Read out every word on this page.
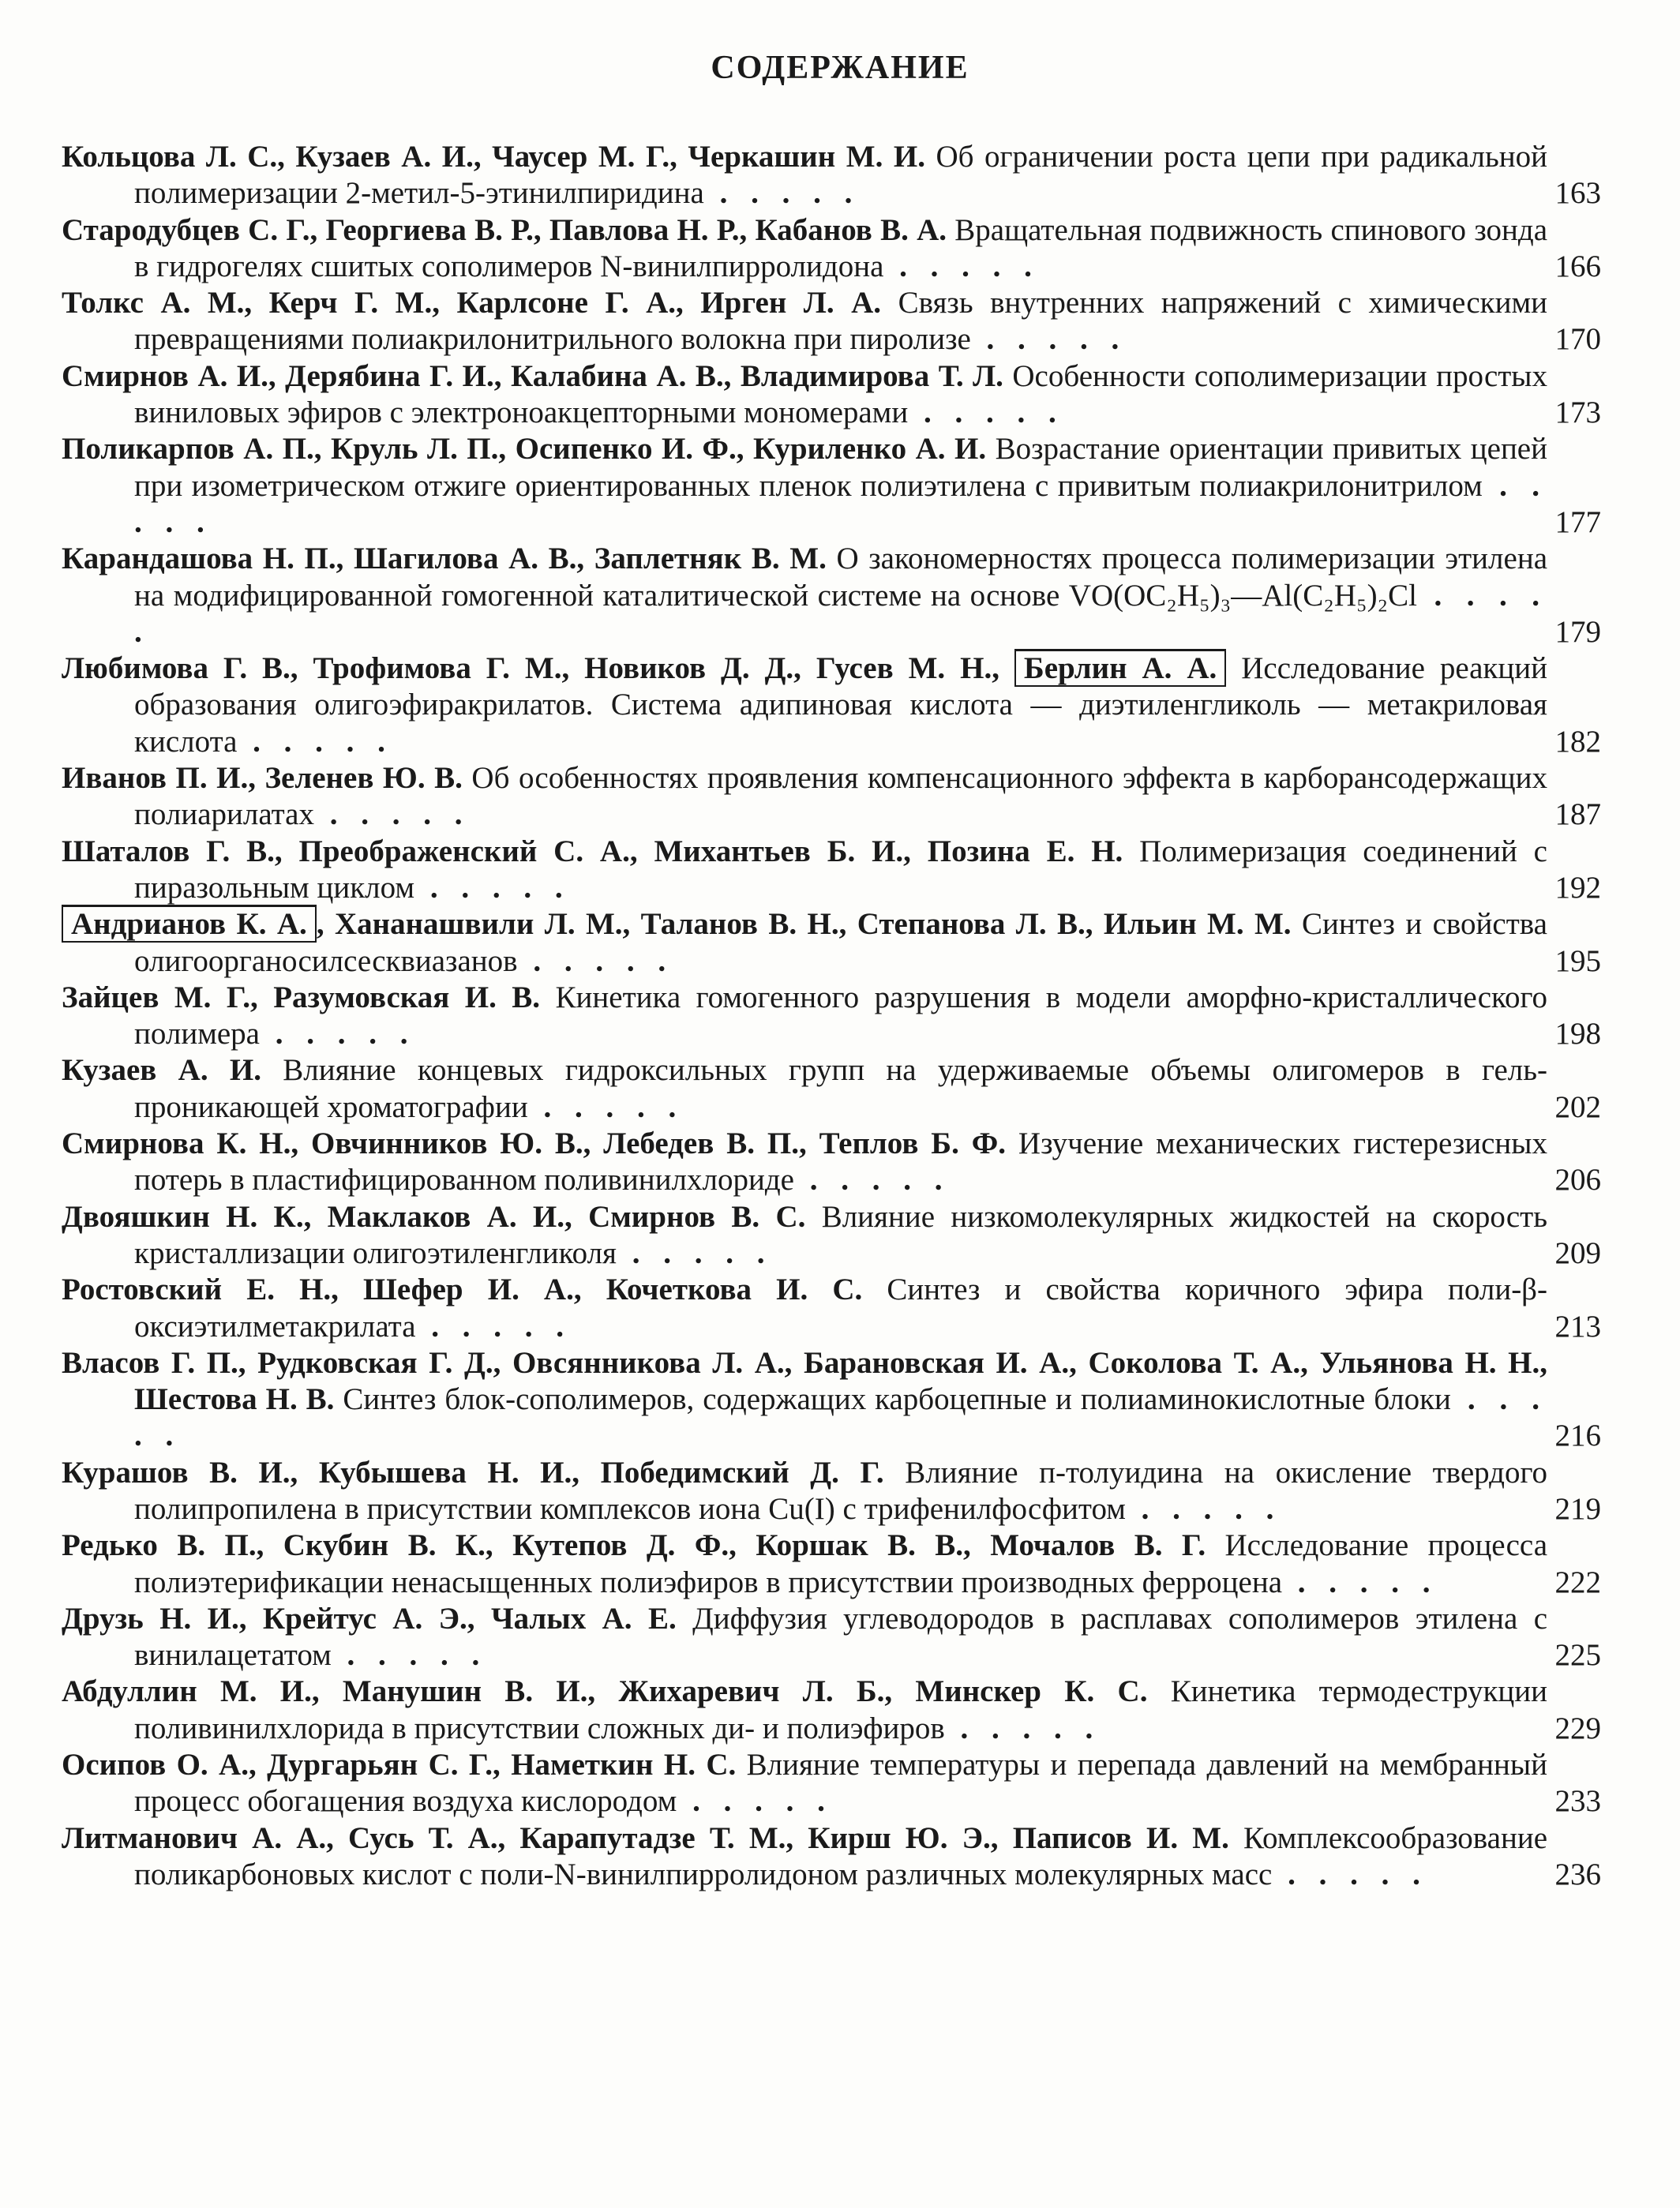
СОДЕРЖАНИЕ
Кольцова Л. С., Кузаев А. И., Чаусер М. Г., Черкашин М. И. Об ограничении роста цепи при радикальной полимеризации 2-метил-5-этинилпиридина . . . . .	163
Стародубцев С. Г., Георгиева В. Р., Павлова Н. Р., Кабанов В. А. Вращательная подвижность спинового зонда в гидрогелях сшитых сополимеров N-винилпирролидона . . . . .	166
Толкс А. М., Керч Г. М., Карлсоне Г. А., Ирген Л. А. Связь внутренних напряжений с химическими превращениями полиакрилонитрильного волокна при пиролизе . . . . .	170
Смирнов А. И., Дерябина Г. И., Калабина А. В., Владимирова Т. Л. Особенности сополимеризации простых виниловых эфиров с электроноакцепторными мономерами . . . . .	173
Поликарпов А. П., Круль Л. П., Осипенко И. Ф., Куриленко А. И. Возрастание ориентации привитых цепей при изометрическом отжиге ориентированных пленок полиэтилена с привитым полиакрилонитрилом . . . . .	177
Карандашова Н. П., Шагилова А. В., Заплетняк В. М. О закономерностях процесса полимеризации этилена на модифицированной гомогенной каталитической системе на основе VO(OC₂H₅)₃—Al(C₂H₅)₂Cl . . . . .	179
Любимова Г. В., Трофимова Г. М., Новиков Д. Д., Гусев М. Н., Берлин А. А. Исследование реакций образования олигоэфиракрилатов. Система адипиновая кислота — диэтиленгликоль — метакриловая кислота . . . . .	182
Иванов П. И., Зеленев Ю. В. Об особенностях проявления компенсационного эффекта в карборансодержащих полиарилатах . . . . .	187
Шаталов Г. В., Преображенский С. А., Михантьев Б. И., Позина Е. Н. Полимеризация соединений с пиразольным циклом . . . . .	192
Андрианов К. А. , Хананашвили Л. М., Таланов В. Н., Степанова Л. В., Ильин М. М. Синтез и свойства олигоорганосилсесквиазанов . . . . .	195
Зайцев М. Г., Разумовская И. В. Кинетика гомогенного разрушения в модели аморфно-кристаллического полимера . . . . .	198
Кузаев А. И. Влияние концевых гидроксильных групп на удерживаемые объемы олигомеров в гель-проникающей хроматографии . . . . .	202
Смирнова К. Н., Овчинников Ю. В., Лебедев В. П., Теплов Б. Ф. Изучение механических гистерезисных потерь в пластифицированном поливинилхлориде . . . . .	206
Двояшкин Н. К., Маклаков А. И., Смирнов В. С. Влияние низкомолекулярных жидкостей на скорость кристаллизации олигоэтиленгликоля . . . . .	209
Ростовский Е. Н., Шефер И. А., Кочеткова И. С. Синтез и свойства коричного эфира поли-β-оксиэтилметакрилата . . . . .	213
Власов Г. П., Рудковская Г. Д., Овсянникова Л. А., Барановская И. А., Соколова Т. А., Ульянова Н. Н., Шестова Н. В. Синтез блок-сополимеров, содержащих карбоцепные и полиаминокислотные блоки . . . . .	216
Курашов В. И., Кубышева Н. И., Победимский Д. Г. Влияние п-толуидина на окисление твердого полипропилена в присутствии комплексов иона Cu(I) с трифенилфосфитом . . . . .	219
Редько В. П., Скубин В. К., Кутепов Д. Ф., Коршак В. В., Мочалов В. Г. Исследование процесса полиэтерификации ненасыщенных полиэфиров в присутствии производных ферроцена . . . . .	222
Друзь Н. И., Крейтус А. Э., Чалых А. Е. Диффузия углеводородов в расплавах сополимеров этилена с винилацетатом . . . . .	225
Абдуллин М. И., Манушин В. И., Жихаревич Л. Б., Минскер К. С. Кинетика термодеструкции поливинилхлорида в присутствии сложных ди- и полиэфиров . . . . .	229
Осипов О. А., Дургарьян С. Г., Наметкин Н. С. Влияние температуры и перепада давлений на мембранный процесс обогащения воздуха кислородом . . . . .	233
Литманович А. А., Сусь Т. А., Карапутадзе Т. М., Кирш Ю. Э., Паписов И. М. Комплексообразование поликарбоновых кислот с поли-N-винилпирролидоном различных молекулярных масс . . . . .	236
